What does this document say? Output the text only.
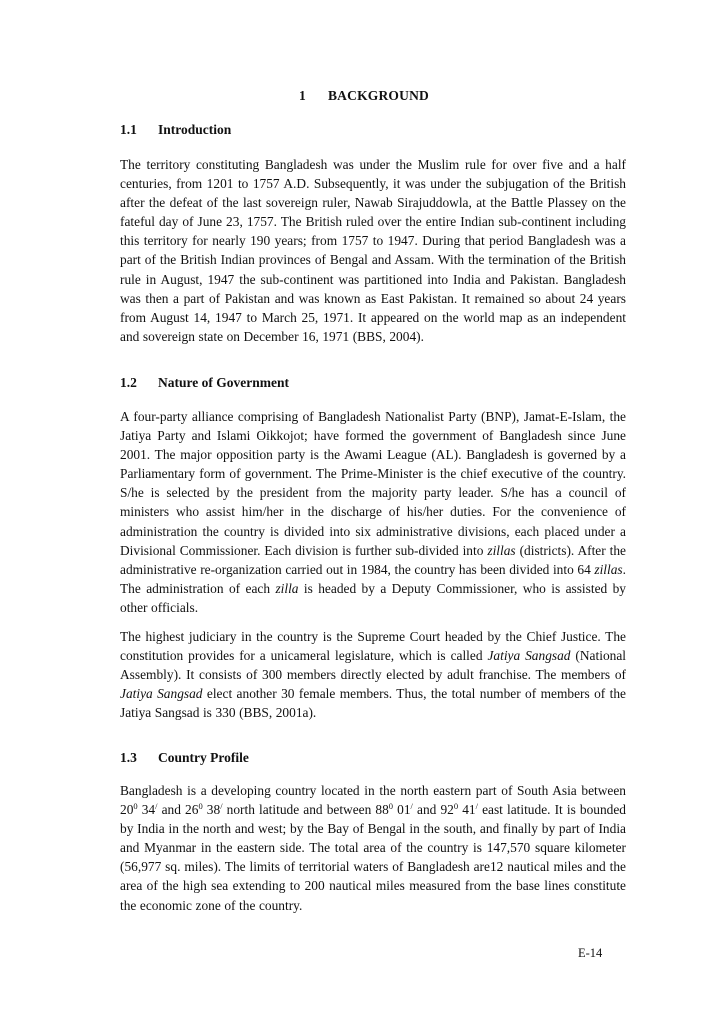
1 BACKGROUND
1.1 Introduction

The territory constituting Bangladesh was under the Muslim rule for over five and a half centuries, from 1201 to 1757 A.D. Subsequently, it was under the subjugation of the British after the defeat of the last sovereign ruler, Nawab Sirajuddowla, at the Battle Plassey on the fateful day of June 23, 1757. The British ruled over the entire Indian sub-continent including this territory for nearly 190 years; from 1757 to 1947. During that period Bangladesh was a part of the British Indian provinces of Bengal and Assam. With the termination of the British rule in August, 1947 the sub-continent was partitioned into India and Pakistan. Bangladesh was then a part of Pakistan and was known as East Pakistan. It remained so about 24 years from August 14, 1947 to March 25, 1971. It appeared on the world map as an independent and sovereign state on December 16, 1971 (BBS, 2004).

1.2 Nature of Government

A four-party alliance comprising of Bangladesh Nationalist Party (BNP), Jamat-E-Islam, the Jatiya Party and Islami Oikkojot; have formed the government of Bangladesh since June 2001. The major opposition party is the Awami League (AL). Bangladesh is governed by a Parliamentary form of government. The Prime-Minister is the chief executive of the country. S/he is selected by the president from the majority party leader. S/he has a council of ministers who assist him/her in the discharge of his/her duties. For the convenience of administration the country is divided into six administrative divisions, each placed under a Divisional Commissioner. Each division is further sub-divided into zillas (districts). After the administrative re-organization carried out in 1984, the country has been divided into 64 zillas. The administration of each zilla is headed by a Deputy Commissioner, who is assisted by other officials.

The highest judiciary in the country is the Supreme Court headed by the Chief Justice. The constitution provides for a unicameral legislature, which is called Jatiya Sangsad (National Assembly). It consists of 300 members directly elected by adult franchise. The members of Jatiya Sangsad elect another 30 female members. Thus, the total number of members of the Jatiya Sangsad is 330 (BBS, 2001a).

1.3 Country Profile

Bangladesh is a developing country located in the north eastern part of South Asia between $20^0$ 34/ and $26^0$ 38/ north latitude and between $88^0$ 01/ and $92^0$ 41/ east latitude. It is bounded by India in the north and west; by the Bay of Bengal in the south, and finally by part of India and Myanmar in the eastern side. The total area of the country is 147,570 square kilometer (56,977 sq. miles). The limits of territorial waters of Bangladesh are12 nautical miles and the area of the high sea extending to 200 nautical miles measured from the base lines constitute the economic zone of the country.

E-14
